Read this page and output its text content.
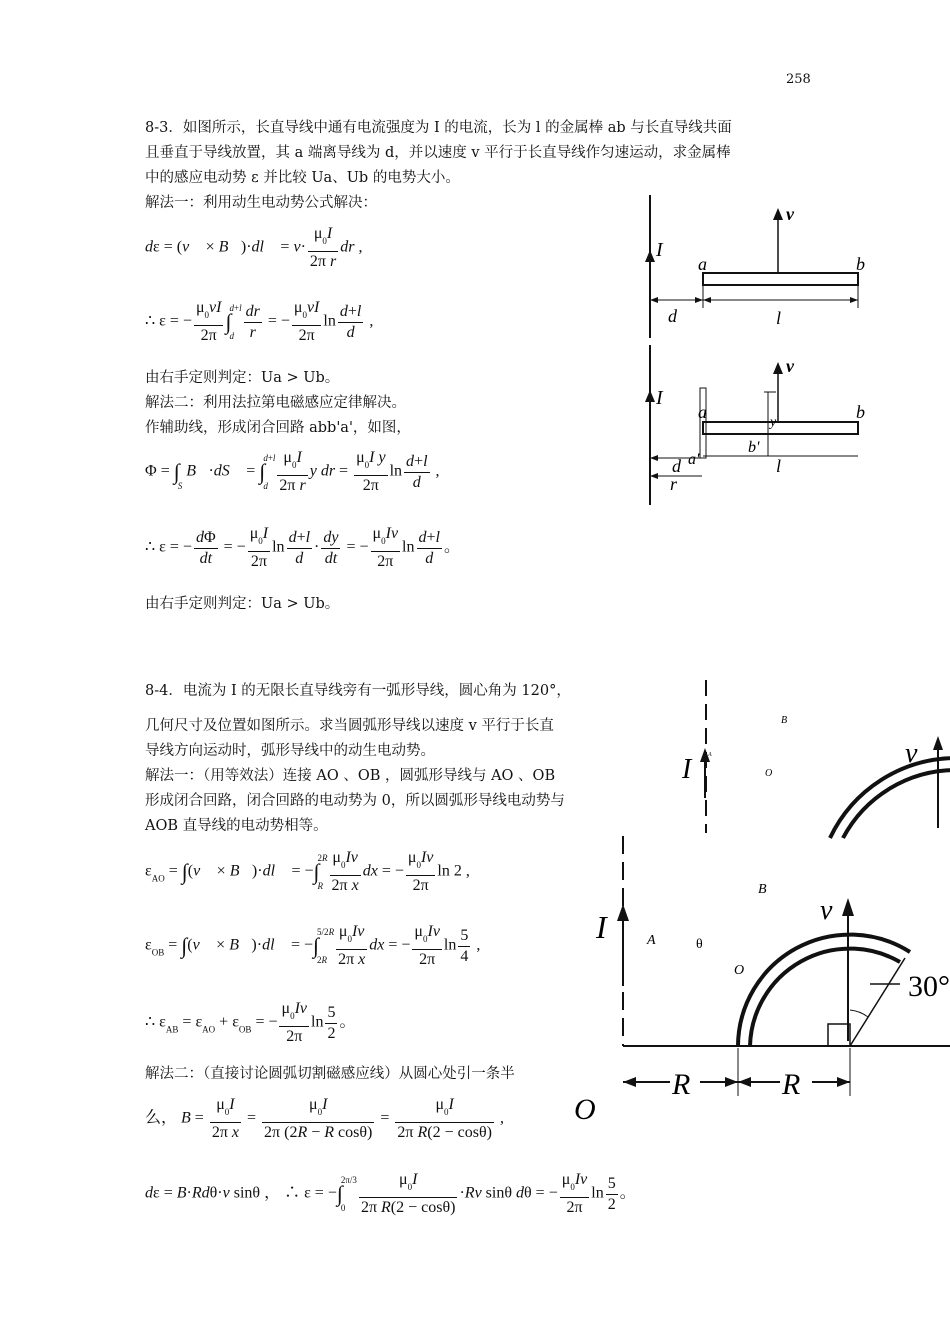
258
8-3．如图所示，长直导线中通有电流强度为 I 的电流，长为 l 的金属棒 ab 与长直导线共面
且垂直于导线放置，其 a 端离导线为 d，并以速度 v 平行于长直导线作匀速运动，求金属棒
中的感应电动势 ε 并比较 Ua、Ub 的电势大小。
解法一：利用动生电动势公式解决：
dε = (v⃗ × B⃗)·dl⃗ = $v\cdot \frac{\mu_0I}{\text{2π r}}$ dr ,
∴ ε = − $\frac{\mu_0vI}{2\pi} \int d+l$

d $\frac{dr}{r}$ = − $\frac{\mu_0vI}{2\pi}$ $\ln \frac{d+l}{d}$ ,
由右手定则判定：Ua > Ub。
解法二：利用法拉第电磁感应定律解决。
作辅助线，形成闭合回路 abb'a'，如图，
Φ = ∫

S B⃗·dS⃗ = ∫d+l

d $\frac{\mu_0I}{\text{2π r}}$ y dr = $\frac{\mu_0I y}{2\pi}$ $\ln \frac{d+l}{d}$ ,
∴ ε = − $\frac{d\Phi}{dt}$ = − $\frac{\mu_0I}{2\pi}$ $\ln \frac{d+l}{d} \cdot \frac{dy}{dt}$ = − $\frac{\mu_0Iv}{2\pi}$ $\ln \frac{d+l}{d}$ 。
由右手定则判定：Ua > Ub。
I
v
a	b
d	l
I
v
a	b
y
a'
b'
d
r
l
8-4．电流为 I 的无限长直导线旁有一弧形导线，圆心角为 120°，
几何尺寸及位置如图所示。求当圆弧形导线以速度 v 平行于长直
导线方向运动时，弧形导线中的动生电动势。
解法一：（用等效法）连接 AO 、OB ，圆弧形导线与 AO 、OB
形成闭合回路，闭合回路的电动势为 0，所以圆弧形导线电动势与
AOB 直导线的电动势相等。
$\varepsilon_{AO}$ = ∫(v⃗ × B⃗)·dl⃗ = −∫2R

R $\frac{\mu_0Iv}{\text{2π x}}$ dx = − $\frac{\mu_0Iv}{2\pi}$ ln 2 ,
$\varepsilon_{OB}$ = ∫(v⃗ × B⃗)·dl⃗ = −∫5/2R

$2R \frac{\mu_0Iv}{\text{2π x}}$ dx = − $\frac{\mu_0Iv}{2\pi}$ $\ln \frac{5}{4}$ ,
∴ $\varepsilon_{AB} = \varepsilon_{AO} + \varepsilon_{OB}$ = − $\frac{\mu_0Iv}{2\pi}$ $\ln \frac{5}{2}$ 。
解法二：（直接讨论圆弧切割磁感应线）从圆心处引一条半
么， $B = \frac{\mu_0I}{\text{2π x}} = \frac{\mu_0I}{\text{2π (2R − R cosθ)}} = \frac{\mu_0I}{\text{2π R(2 − cosθ)}}$ ,
dε = B·Rdθ·v sinθ ， ∴ ε = −∫2π/3

$0 \frac{\mu_0I}{\text{2π R(2 − cosθ)}} \cdot Rv$ sinθ dθ = − $\frac{\mu_0Iv}{2\pi}$ $\ln \frac{5}{2}$ 。
I
B
A
O
v
I
B
A	θ
O
v
30°
R	R
O
